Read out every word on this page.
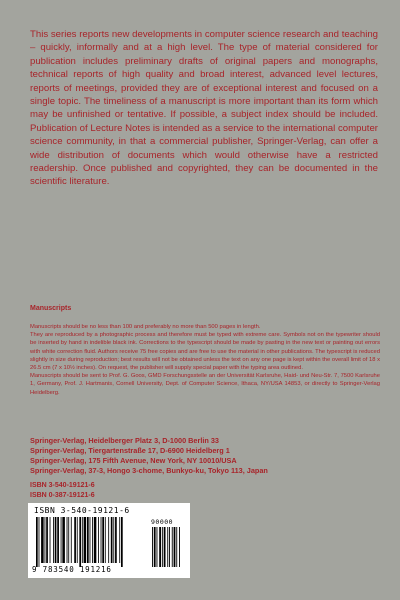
This series reports new developments in computer science research and teaching – quickly, informally and at a high level. The type of material considered for publication includes preliminary drafts of original papers and monographs, technical reports of high quality and broad interest, advanced level lectures, reports of meetings, provided they are of exceptional interest and focused on a single topic. The timeliness of a manuscript is more important than its form which may be unfinished or tentative. If possible, a subject index should be included. Publication of Lecture Notes is intended as a service to the international computer science community, in that a commercial publisher, Springer-Verlag, can offer a wide distribution of documents which would otherwise have a restricted readership. Once published and copyrighted, they can be documented in the scientific literature.

Manuscripts

Manuscripts should be no less than 100 and preferably no more than 500 pages in length.

They are reproduced by a photographic process and therefore must be typed with extreme care. Symbols not on the typewriter should be inserted by hand in indelible black ink. Corrections to the typescript should be made by pasting in the new text or painting out errors with white correction fluid. Authors receive 75 free copies and are free to use the material in other publications. The typescript is reduced slightly in size during reproduction; best results will not be obtained unless the text on any one page is kept within the overall limit of 18 x 26.5 cm (7 x 10½ inches). On request, the publisher will supply special paper with the typing area outlined.

Manuscripts should be sent to Prof. G. Goos, GMD Forschungsstelle an der Universität Karlsruhe, Haid- und Neu-Str. 7, 7500 Karlsruhe 1, Germany, Prof. J. Hartmanis, Cornell University, Dept. of Computer Science, Ithaca, NY/USA 14853, or directly to Springer-Verlag Heidelberg.

Springer-Verlag, Heidelberger Platz 3, D-1000 Berlin 33
Springer-Verlag, Tiergartenstraße 17, D-6900 Heidelberg 1
Springer-Verlag, 175 Fifth Avenue, New York, NY 10010/USA
Springer-Verlag, 37-3, Hongo 3-chome, Bunkyo-ku, Tokyo 113, Japan
ISBN 3-540-19121-6
ISBN 0-387-19121-6
ISBN 3-540-19121-6
90000
9 783540 191216
